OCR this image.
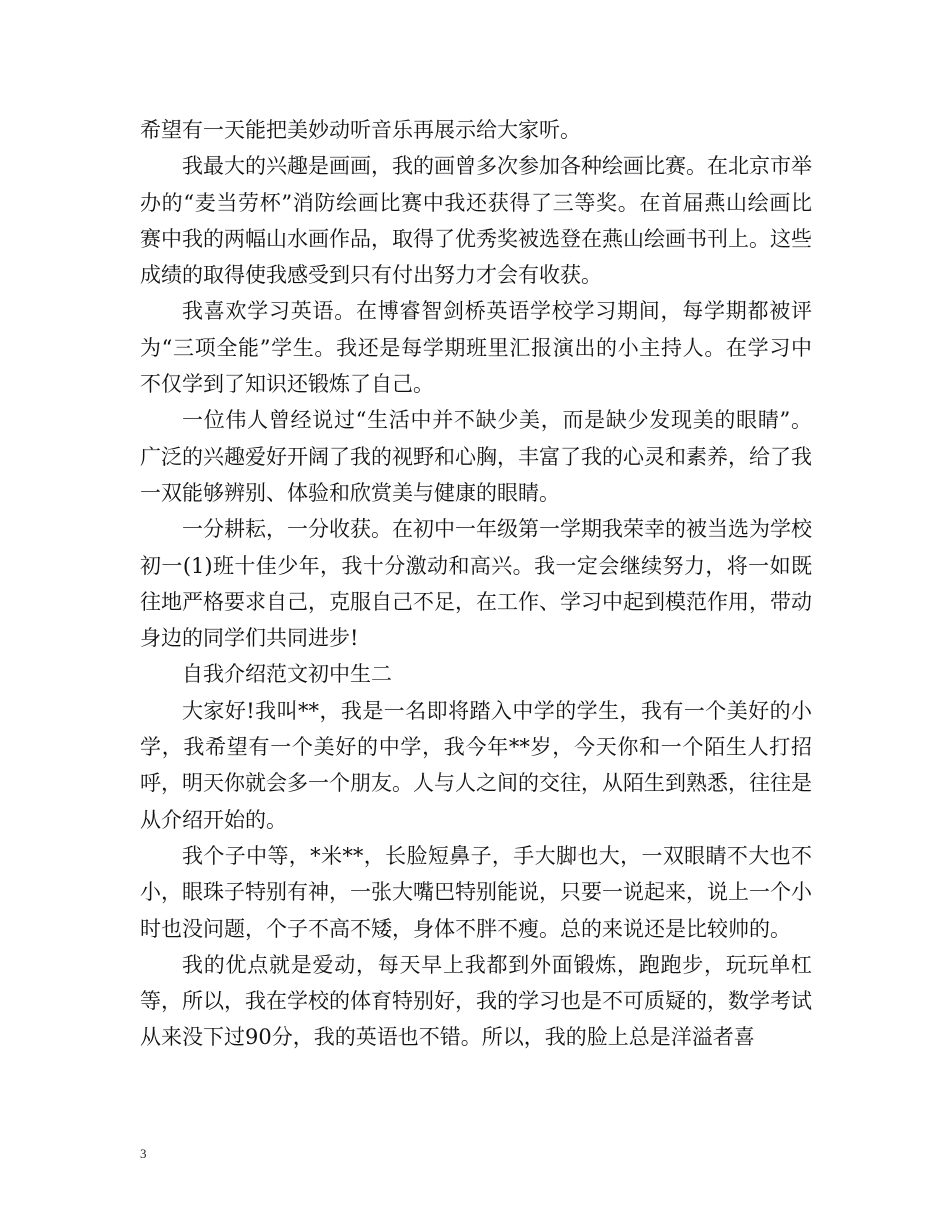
希望有一天能把美妙动听音乐再展示给大家听。

我最大的兴趣是画画，我的画曾多次参加各种绘画比赛。在北京市举办的“麦当劳杯”消防绘画比赛中我还获得了三等奖。在首届燕山绘画比赛中我的两幅山水画作品，取得了优秀奖被选登在燕山绘画书刊上。这些成绩的取得使我感受到只有付出努力才会有收获。

我喜欢学习英语。在博睿智剑桥英语学校学习期间，每学期都被评为“三项全能”学生。我还是每学期班里汇报演出的小主持人。在学习中不仅学到了知识还锻炼了自己。

一位伟人曾经说过“生活中并不缺少美，而是缺少发现美的眼睛”。广泛的兴趣爱好开阔了我的视野和心胸，丰富了我的心灵和素养，给了我一双能够辨别、体验和欣赏美与健康的眼睛。

一分耕耘，一分收获。在初中一年级第一学期我荣幸的被当选为学校初一(1)班十佳少年，我十分激动和高兴。我一定会继续努力，将一如既往地严格要求自己，克服自己不足，在工作、学习中起到模范作用，带动身边的同学们共同进步!

自我介绍范文初中生二

大家好!我叫**，我是一名即将踏入中学的学生，我有一个美好的小学，我希望有一个美好的中学，我今年**岁，今天你和一个陌生人打招呼，明天你就会多一个朋友。人与人之间的交往，从陌生到熟悉，往往是从介绍开始的。

我个子中等，*米**，长脸短鼻子，手大脚也大，一双眼睛不大也不小，眼珠子特别有神，一张大嘴巴特别能说，只要一说起来，说上一个小时也没问题，个子不高不矮，身体不胖不瘦。总的来说还是比较帅的。

我的优点就是爱动，每天早上我都到外面锻炼，跑跑步，玩玩单杠等，所以，我在学校的体育特别好，我的学习也是不可质疑的，数学考试从来没下过90分，我的英语也不错。所以，我的脸上总是洋溢者喜

3
